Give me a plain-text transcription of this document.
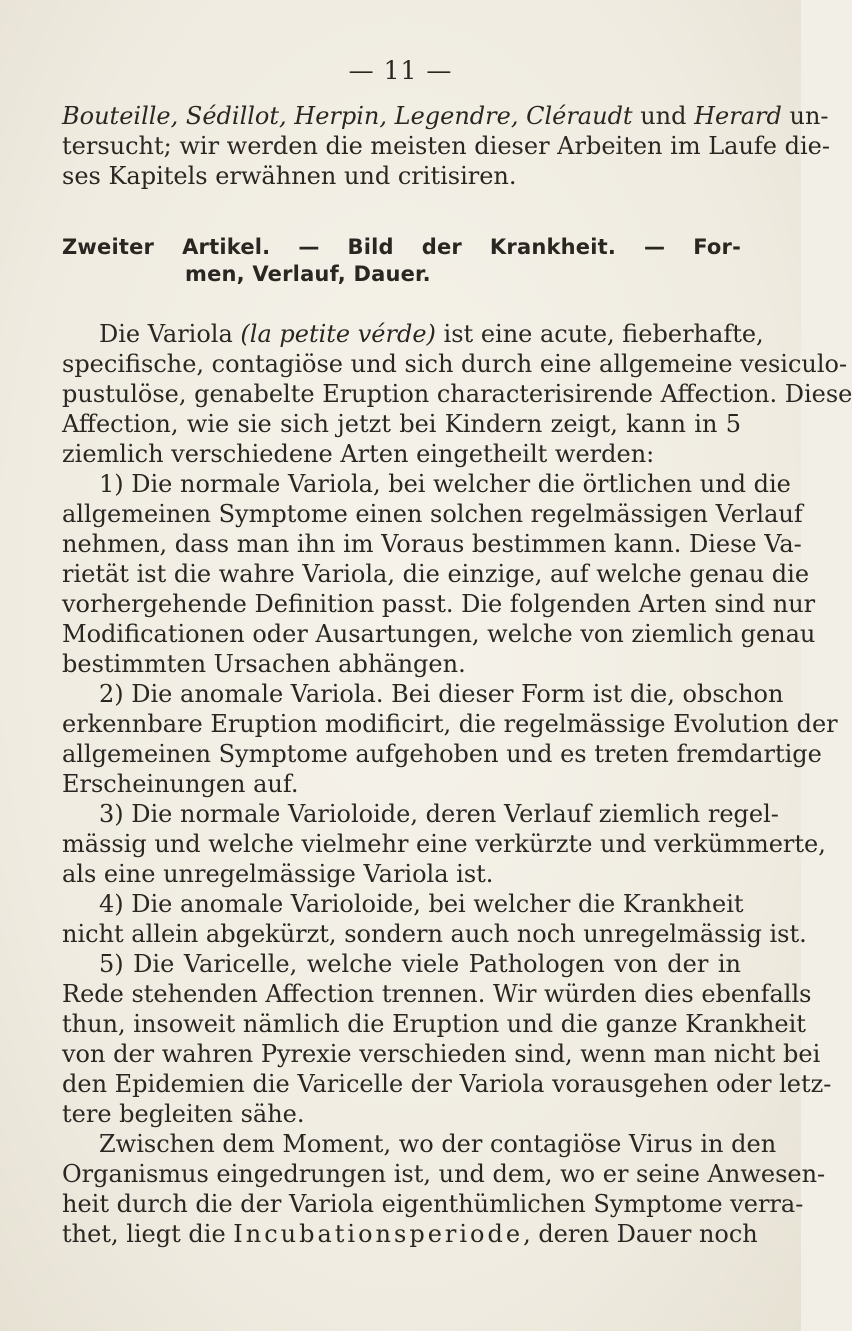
— 11 —
Bouteille, Sédillot, Herpin, Legendre, Cléraudt und Herard un-
tersucht; wir werden die meisten dieser Arbeiten im Laufe die-
ses Kapitels erwähnen und critisiren.
Zweiter Artikel. — Bild der Krankheit. — For-
men, Verlauf, Dauer.
Die Variola (la petite vérde) ist eine acute, fieberhafte,
specifische, contagiöse und sich durch eine allgemeine vesiculo-
pustulöse, genabelte Eruption characterisirende Affection. Diese
Affection, wie sie sich jetzt bei Kindern zeigt, kann in 5
ziemlich verschiedene Arten eingetheilt werden:
1) Die normale Variola, bei welcher die örtlichen und die
allgemeinen Symptome einen solchen regelmässigen Verlauf
nehmen, dass man ihn im Voraus bestimmen kann. Diese Va-
rietät ist die wahre Variola, die einzige, auf welche genau die
vorhergehende Definition passt. Die folgenden Arten sind nur
Modificationen oder Ausartungen, welche von ziemlich genau
bestimmten Ursachen abhängen.
2) Die anomale Variola. Bei dieser Form ist die, obschon
erkennbare Eruption modificirt, die regelmässige Evolution der
allgemeinen Symptome aufgehoben und es treten fremdartige
Erscheinungen auf.
3) Die normale Varioloide, deren Verlauf ziemlich regel-
mässig und welche vielmehr eine verkürzte und verkümmerte,
als eine unregelmässige Variola ist.
4) Die anomale Varioloide, bei welcher die Krankheit
nicht allein abgekürzt, sondern auch noch unregelmässig ist.
5) Die Varicelle, welche viele Pathologen von der in
Rede stehenden Affection trennen. Wir würden dies ebenfalls
thun, insoweit nämlich die Eruption und die ganze Krankheit
von der wahren Pyrexie verschieden sind, wenn man nicht bei
den Epidemien die Varicelle der Variola vorausgehen oder letz-
tere begleiten sähe.
Zwischen dem Moment, wo der contagiöse Virus in den
Organismus eingedrungen ist, und dem, wo er seine Anwesen-
heit durch die der Variola eigenthümlichen Symptome verra-
thet, liegt die Incubationsperiode, deren Dauer noch
